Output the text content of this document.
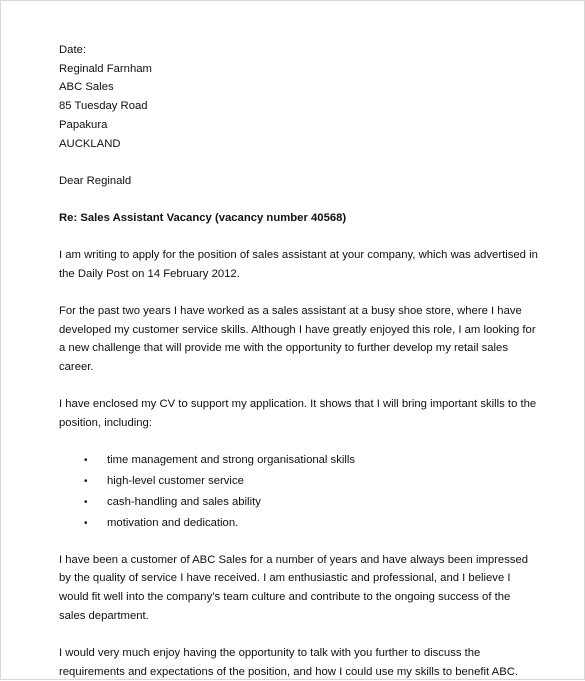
Date:
Reginald Farnham
ABC Sales
85 Tuesday Road
Papakura
AUCKLAND
Dear Reginald
Re: Sales Assistant Vacancy (vacancy number 40568)

I am writing to apply for the position of sales assistant at your company, which was advertised in the Daily Post on 14 February 2012.

For the past two years I have worked as a sales assistant at a busy shoe store, where I have developed my customer service skills. Although I have greatly enjoyed this role, I am looking for a new challenge that will provide me with the opportunity to further develop my retail sales career.

I have enclosed my CV to support my application. It shows that I will bring important skills to the position, including:

• time management and strong organisational skills
• high-level customer service
• cash-handling and sales ability
• motivation and dedication.

I have been a customer of ABC Sales for a number of years and have always been impressed by the quality of service I have received. I am enthusiastic and professional, and I believe I would fit well into the company’s team culture and contribute to the ongoing success of the sales department.

I would very much enjoy having the opportunity to talk with you further to discuss the requirements and expectations of the position, and how I could use my skills to benefit ABC.
